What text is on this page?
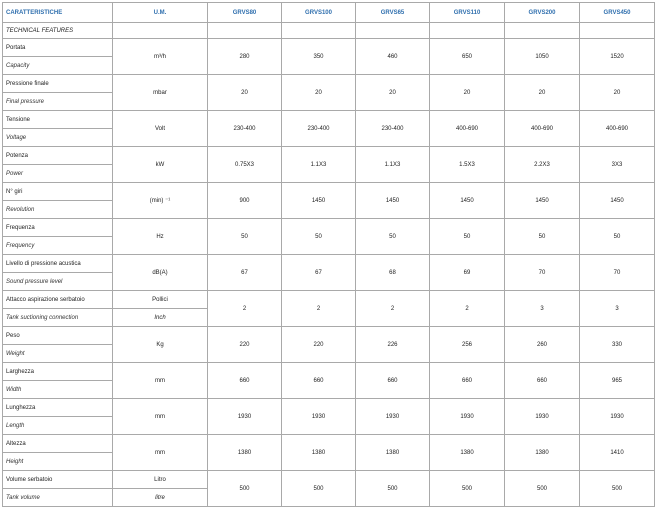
CARATTERISTICHE	U.M.	GRVS80	GRVS100	GRVS65	GRVS110	GRVS200	GRVS450
TECHNICAL FEATURES							
Portata	m³/h	280	350	460	650	1050	1520
Capacity							
Pressione finale	mbar	20	20	20	20	20	20
Final pressure							
Tensione	Volt	230-400	230-400	230-400	400-690	400-690	400-690
Voltage							
Potenza	kW	0.75X3	1.1X3	1.1X3	1.5X3	2.2X3	3X3
Power							
N° giri	(min) ⁻¹	900	1450	1450	1450	1450	1450
Revolution							
Frequenza	Hz	50	50	50	50	50	50
Frequency							
Livello di pressione acustica	dB(A)	67	67	68	69	70	70
Sound pressure level							
Attacco aspirazione serbatoio	Pollici	2	2	2	2	3	3
Tank suctioning connection	Inch						
Peso	Kg	220	220	226	256	260	330
Weight							
Larghezza	mm	660	660	660	660	660	965
Width							
Lunghezza	mm	1930	1930	1930	1930	1930	1930
Length							
Altezza	mm	1380	1380	1380	1380	1380	1410
Height							
Volume serbatoio	Litro	500	500	500	500	500	500
Tank volume	litre						
